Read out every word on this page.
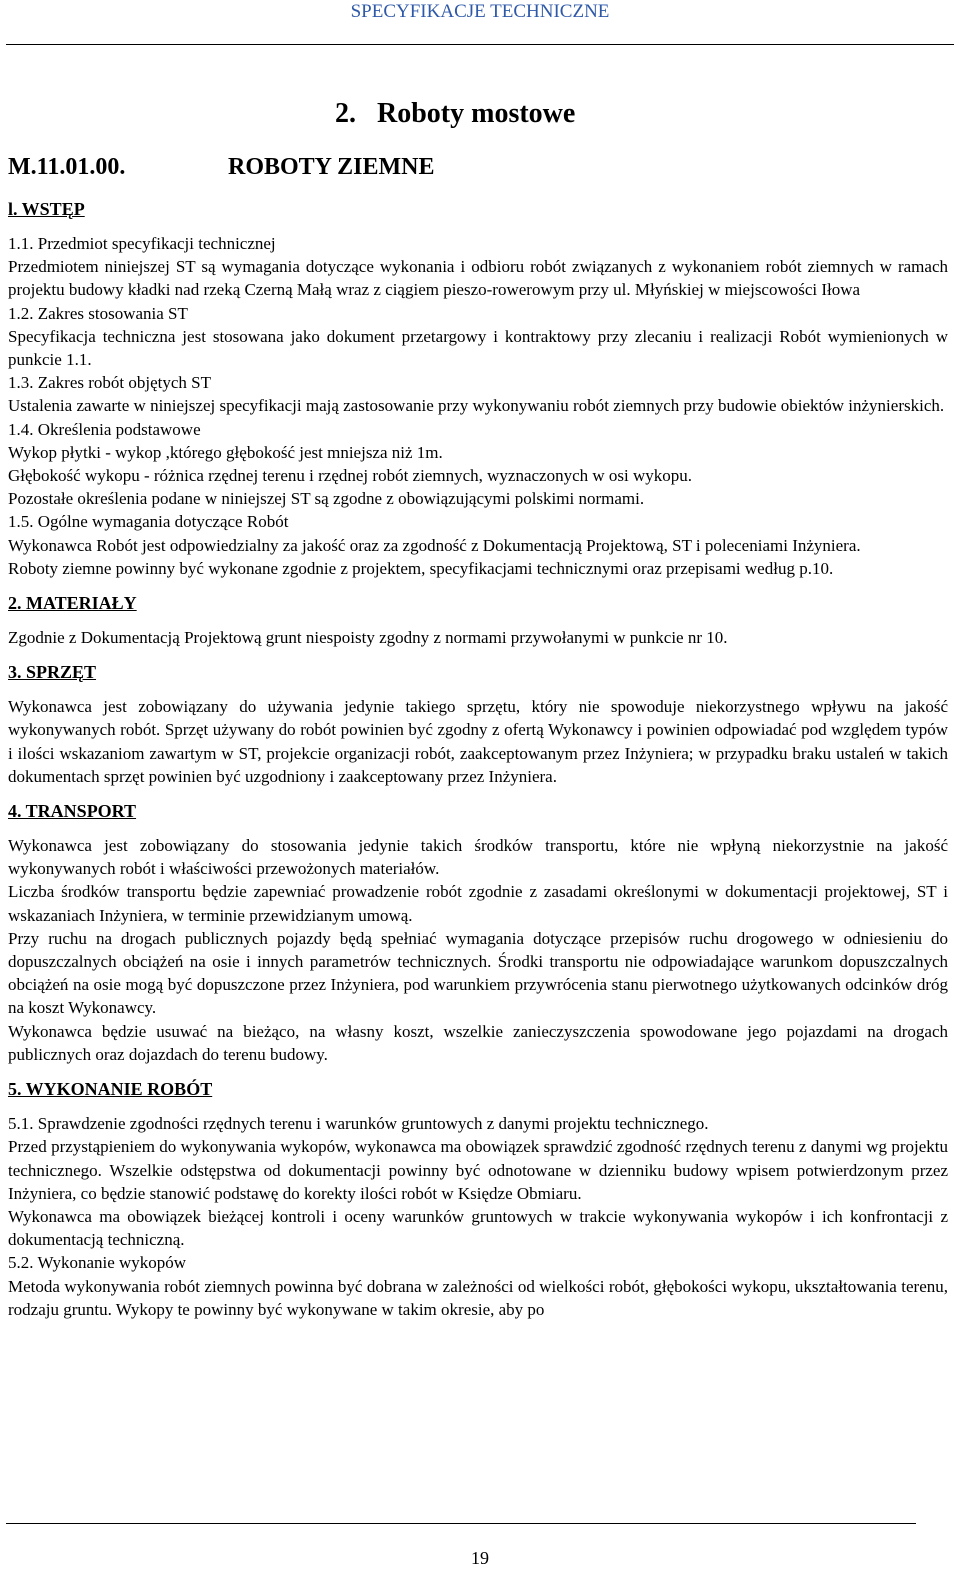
SPECYFIKACJE TECHNICZNE
2.   Roboty mostowe
M.11.01.00.	ROBOTY ZIEMNE
l. WSTĘP

1.1. Przedmiot specyfikacji technicznej

Przedmiotem niniejszej ST są wymagania dotyczące wykonania i odbioru robót związanych z wykonaniem robót ziemnych w ramach projektu budowy kładki nad rzeką Czerną Małą wraz z ciągiem pieszo-rowerowym przy ul. Młyńskiej w miejscowości Iłowa

1.2. Zakres stosowania ST

Specyfikacja techniczna jest stosowana jako dokument przetargowy i kontraktowy przy zlecaniu i realizacji Robót wymienionych w punkcie 1.1.

1.3. Zakres robót objętych ST

Ustalenia zawarte w niniejszej specyfikacji mają zastosowanie przy wykonywaniu robót ziemnych przy budowie obiektów inżynierskich.

1.4. Określenia podstawowe

Wykop płytki - wykop ,którego głębokość jest mniejsza niż 1m.

Głębokość wykopu - różnica rzędnej terenu i rzędnej robót ziemnych, wyznaczonych w osi wykopu.

Pozostałe określenia podane w niniejszej ST są zgodne z obowiązującymi polskimi normami.

1.5. Ogólne wymagania dotyczące Robót

Wykonawca Robót jest odpowiedzialny za jakość oraz za zgodność z Dokumentacją Projektową, ST i poleceniami Inżyniera.

Roboty ziemne powinny być wykonane zgodnie z projektem, specyfikacjami technicznymi oraz przepisami według p.10.

2. MATERIAŁY

Zgodnie z Dokumentacją Projektową grunt niespoisty zgodny z normami przywołanymi w punkcie nr 10.

3. SPRZĘT

Wykonawca jest zobowiązany do używania jedynie takiego sprzętu, który nie spowoduje niekorzystnego wpływu na jakość wykonywanych robót. Sprzęt używany do robót powinien być zgodny z ofertą Wykonawcy i powinien odpowiadać pod względem typów i ilości wskazaniom zawartym w ST, projekcie organizacji robót, zaakceptowanym przez Inżyniera; w przypadku braku ustaleń w takich dokumentach sprzęt powinien być uzgodniony i zaakceptowany przez Inżyniera.

4. TRANSPORT

Wykonawca jest zobowiązany do stosowania jedynie takich środków transportu, które nie wpłyną niekorzystnie na jakość wykonywanych robót i właściwości przewożonych materiałów.

Liczba środków transportu będzie zapewniać prowadzenie robót zgodnie z zasadami określonymi w dokumentacji projektowej, ST i wskazaniach Inżyniera, w terminie przewidzianym umową.

Przy ruchu na drogach publicznych pojazdy będą spełniać wymagania dotyczące przepisów ruchu drogowego w odniesieniu do dopuszczalnych obciążeń na osie i innych parametrów technicznych. Środki transportu nie odpowiadające warunkom dopuszczalnych obciążeń na osie mogą być dopuszczone przez Inżyniera, pod warunkiem przywrócenia stanu pierwotnego użytkowanych odcinków dróg na koszt Wykonawcy.

Wykonawca będzie usuwać na bieżąco, na własny koszt, wszelkie zanieczyszczenia spowodowane jego pojazdami na drogach publicznych oraz dojazdach do terenu budowy.

5. WYKONANIE ROBÓT

5.1. Sprawdzenie zgodności rzędnych terenu i warunków gruntowych z danymi projektu technicznego.

Przed przystąpieniem do wykonywania wykopów, wykonawca ma obowiązek sprawdzić zgodność rzędnych terenu z danymi wg projektu technicznego. Wszelkie odstępstwa od dokumentacji powinny być odnotowane w dzienniku budowy wpisem potwierdzonym przez Inżyniera, co będzie stanowić podstawę do korekty ilości robót w Księdze Obmiaru.

Wykonawca ma obowiązek bieżącej kontroli i oceny warunków gruntowych w trakcie wykonywania wykopów i ich konfrontacji z dokumentacją techniczną.

5.2. Wykonanie wykopów

Metoda wykonywania robót ziemnych powinna być dobrana w zależności od wielkości robót, głębokości wykopu, ukształtowania terenu, rodzaju gruntu. Wykopy te powinny być wykonywane w takim okresie, aby po

19
